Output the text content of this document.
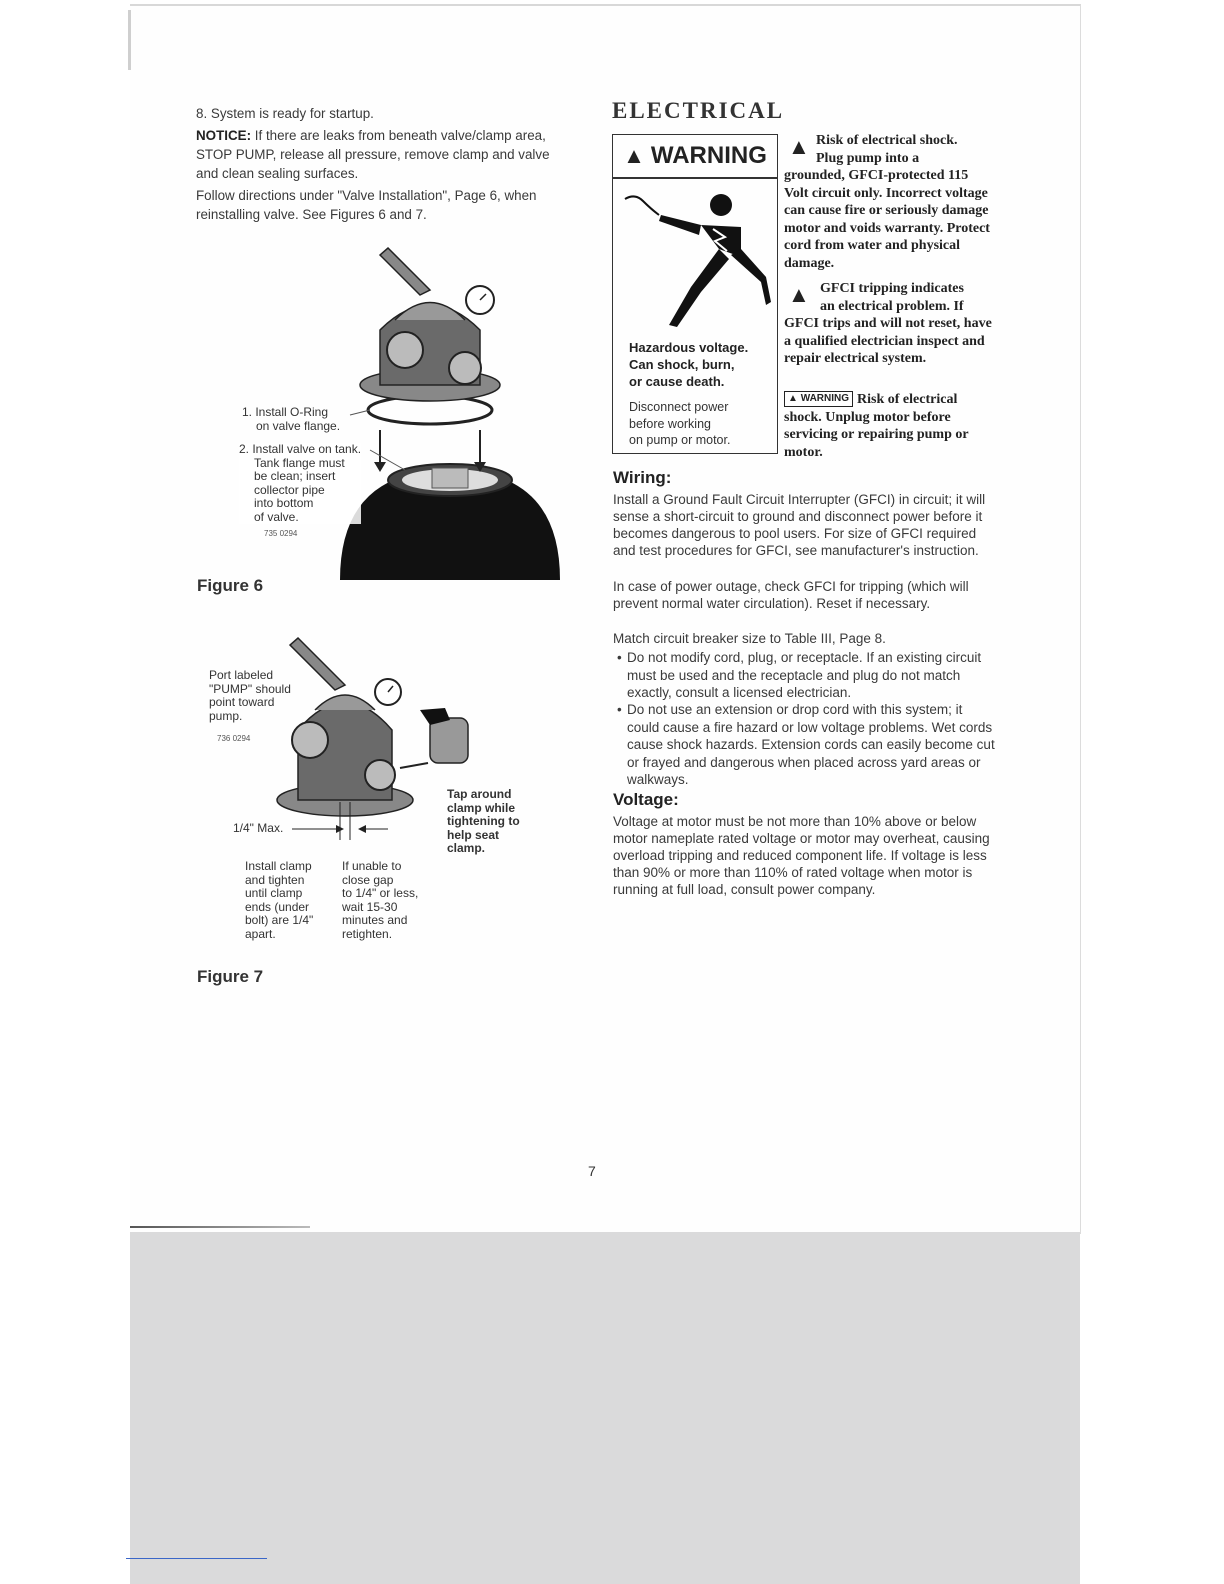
8. System is ready for startup.
NOTICE: If there are leaks from beneath valve/clamp area, STOP PUMP, release all pressure, remove clamp and valve and clean sealing surfaces.
Follow directions under "Valve Installation", Page 6, when reinstalling valve. See Figures 6 and 7.
1. Install O-Ring
on valve flange.
2. Install valve on tank.
Tank flange must
be clean; insert
collector pipe
into bottom
of valve.
735 0294
Figure 6
Port labeled
"PUMP" should
point toward
pump.
736 0294
Tap around
clamp while
tightening to
help seat
clamp.
1/4" Max.
Install clamp
and tighten
until clamp
ends (under
bolt) are 1/4"
apart.
If unable to
close gap
to 1/4" or less,
wait 15-30
minutes and
retighten.
Figure 7
ELECTRICAL
▲ WARNING
Hazardous voltage.
Can shock, burn,
or cause death.
Disconnect power
before working
on pump or motor.
▲ Risk of electrical shock.
Plug pump into a
grounded, GFCI-protected 115 Volt circuit only. Incorrect voltage can cause fire or seriously damage motor and voids warranty. Protect cord from water and physical damage.
▲ GFCI tripping indicates
an electrical problem. If
GFCI trips and will not reset, have a qualified electrician inspect and repair electrical system.
▲ WARNING Risk of electrical shock. Unplug motor before servicing or repairing pump or motor.
Wiring:
Install a Ground Fault Circuit Interrupter (GFCI) in circuit; it will sense a short-circuit to ground and disconnect power before it becomes dangerous to pool users. For size of GFCI required and test procedures for GFCI, see manufacturer's instruction.
In case of power outage, check GFCI for tripping (which will prevent normal water circulation). Reset if necessary.
Match circuit breaker size to Table III, Page 8.
• Do not modify cord, plug, or receptacle. If an existing circuit must be used and the receptacle and plug do not match exactly, consult a licensed electrician.
• Do not use an extension or drop cord with this system; it could cause a fire hazard or low voltage problems. Wet cords cause shock hazards. Extension cords can easily become cut or frayed and dangerous when placed across yard areas or walkways.
Voltage:
Voltage at motor must be not more than 10% above or below motor nameplate rated voltage or motor may overheat, causing overload tripping and reduced component life. If voltage is less than 90% or more than 110% of rated voltage when motor is running at full load, consult power company.
7
